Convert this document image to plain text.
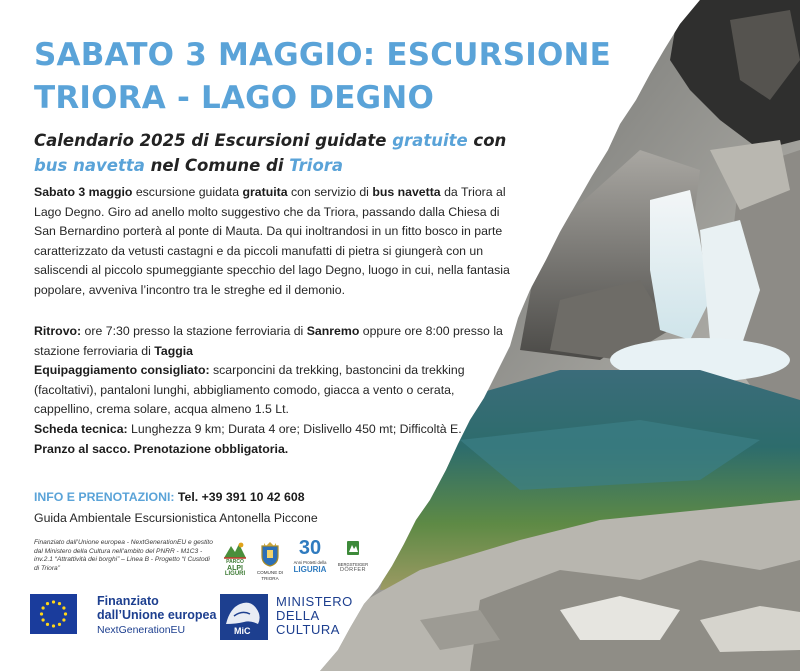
SABATO 3 MAGGIO: ESCURSIONE
TRIORA - LAGO DEGNO

Calendario 2025 di Escursioni guidate gratuite con
bus navetta nel Comune di Triora

Sabato 3 maggio escursione guidata gratuita con servizio di bus navetta da Triora al Lago Degno. Giro ad anello molto suggestivo che da Triora, passando dalla Chiesa di San Bernardino porterà al ponte di Mauta. Da qui inoltrandosi in un fitto bosco in parte caratterizzato da vetusti castagni e da piccoli manufatti di pietra si giungerà con un saliscendi al piccolo spumeggiante specchio del lago Degno, luogo in cui, nella fantasia popolare, avveniva l’incontro tra le streghe ed il demonio.

Ritrovo: ore 7:30 presso la stazione ferroviaria di Sanremo oppure ore 8:00 presso la stazione ferroviaria di Taggia

Equipaggiamento consigliato: scarponcini da trekking, bastoncini da trekking (facoltativi), pantaloni lunghi, abbigliamento comodo, giacca a vento o cerata, cappellino, crema solare, acqua almeno 1.5 Lt.

Scheda tecnica: Lunghezza 9 km; Durata 4 ore; Dislivello 450 mt; Difficoltà E.

Pranzo al sacco. Prenotazione obbligatoria.

INFO E PRENOTAZIONI: Tel. +39 391 10 42 608
Guida Ambientale Escursionistica Antonella Piccone
Finanziato dall’Unione europea - NextGenerationEU e gestito dal Ministero della Cultura nell’ambito del PNRR - M1C3 - inv.2.1 “Attrattività dei borghi” – Linea B - Progetto “I Custodi di Triora”
PARCO
ALPI
LIGURI	COMUNE DI TRIORA
30
Anni Protetti della
LIGURIA
BERGSTEIGER
DÖRFER
Finanziato
dall’Unione europea
NextGenerationEU	MiC
MINISTERO
DELLA
CULTURA
